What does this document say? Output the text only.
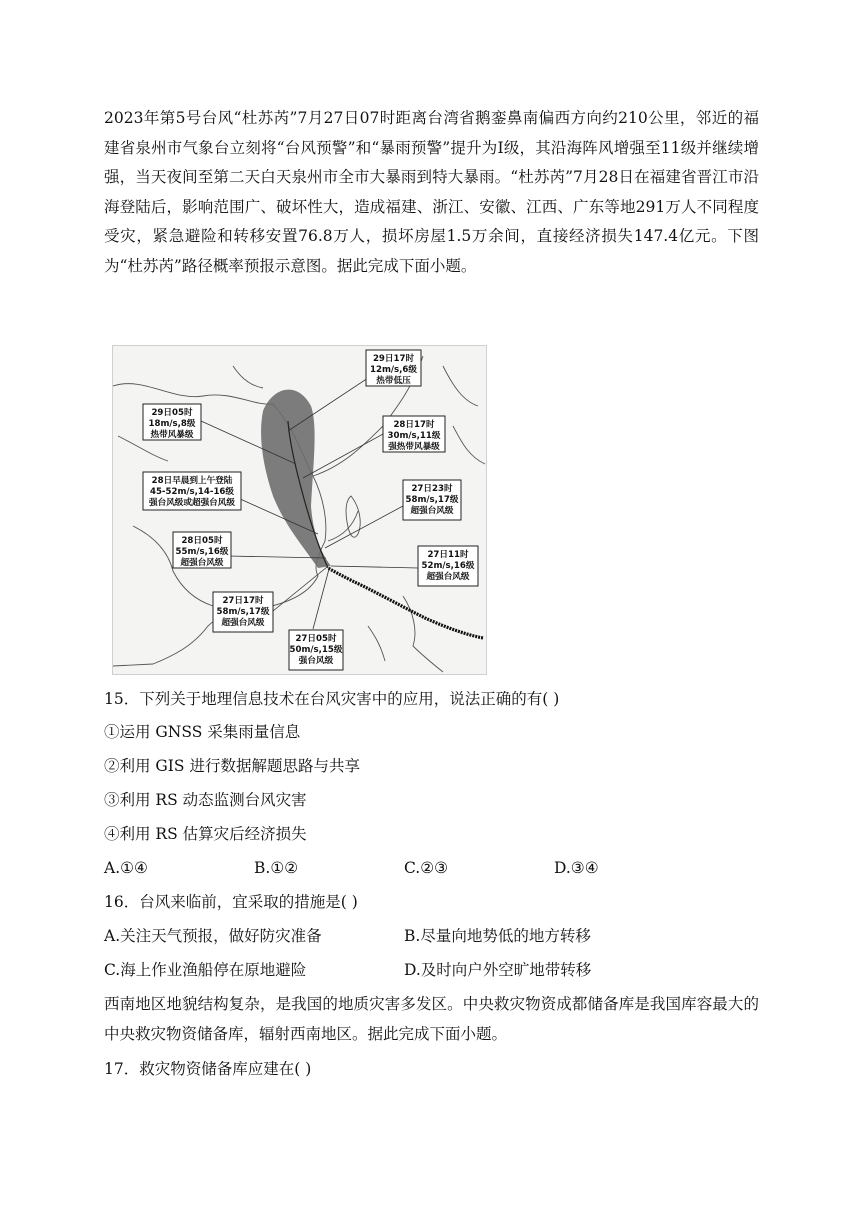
2023年第5号台风“杜苏芮”7月27日07时距离台湾省鹅銮鼻南偏西方向约210公里，邻近的福建省泉州市气象台立刻将“台风预警”和“暴雨预警”提升为Ⅰ级，其沿海阵风增强至11级并继续增强，当天夜间至第二天白天泉州市全市大暴雨到特大暴雨。“杜苏芮”7月28日在福建省晋江市沿海登陆后，影响范围广、破坏性大，造成福建、浙江、安徽、江西、广东等地291万人不同程度受灾，紧急避险和转移安置76.8万人，损坏房屋1.5万余间，直接经济损失147.4亿元。下图为“杜苏芮”路径概率预报示意图。据此完成下面小题。

29日17时
12m/s,6级
热带低压
29日05时
18m/s,8级
热带风暴级
28日17时
30m/s,11级
强热带风暴级
28日早晨到上午登陆
45-52m/s,14-16级
强台风级或超强台风级
27日23时
58m/s,17级
超强台风级
28日05时
55m/s,16级
超强台风级
27日11时
52m/s,16级
超强台风级
27日17时
58m/s,17级
超强台风级
27日05时
50m/s,15级
强台风级
15．下列关于地理信息技术在台风灾害中的应用，说法正确的有( )
①运用 GNSS 采集雨量信息
②利用 GIS 进行数据解题思路与共享
③利用 RS 动态监测台风灾害
④利用 RS 估算灾后经济损失
A.①④	B.①②	C.②③	D.③④
16．台风来临前，宜采取的措施是( )
A.关注天气预报，做好防灾准备	B.尽量向地势低的地方转移
C.海上作业渔船停在原地避险	D.及时向户外空旷地带转移

西南地区地貌结构复杂，是我国的地质灾害多发区。中央救灾物资成都储备库是我国库容最大的中央救灾物资储备库，辐射西南地区。据此完成下面小题。

17．救灾物资储备库应建在( )
